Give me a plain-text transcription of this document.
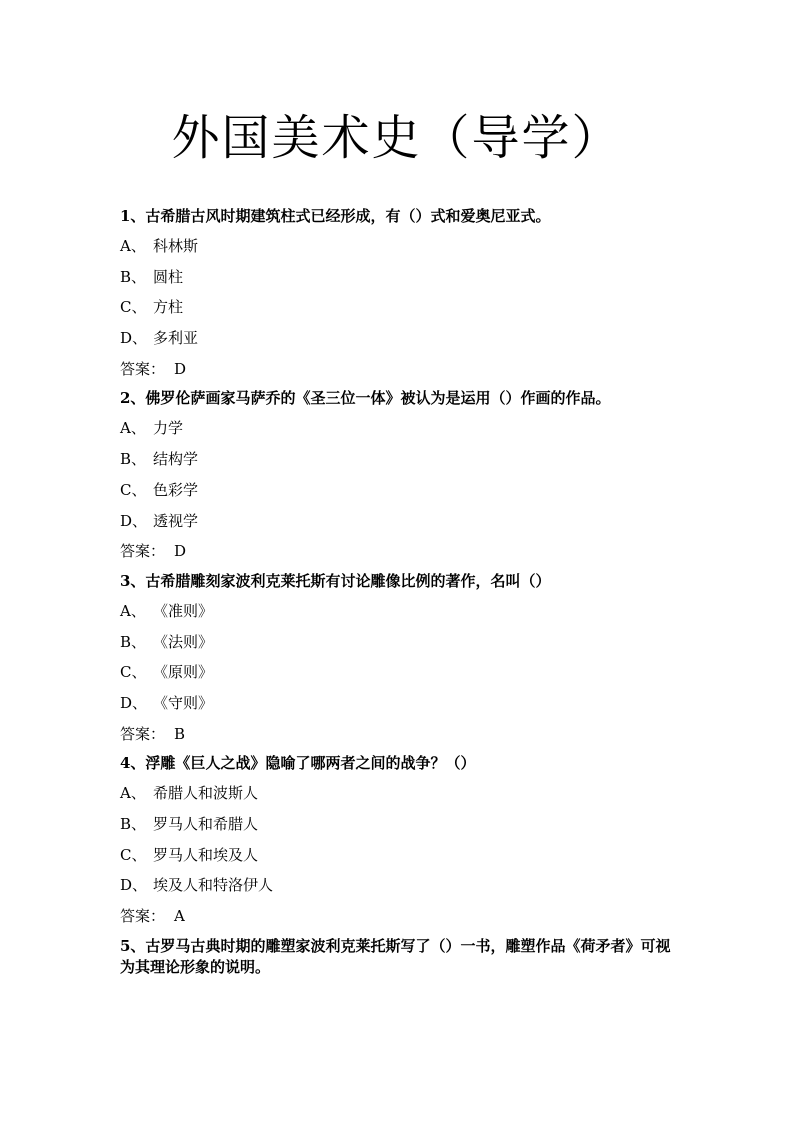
外国美术史（导学）

1、古希腊古风时期建筑柱式已经形成，有（）式和爱奥尼亚式。

A、 科林斯
B、 圆柱
C、 方柱
D、 多利亚
答案： D

2、佛罗伦萨画家马萨乔的《圣三位一体》被认为是运用（）作画的作品。

A、 力学
B、 结构学
C、 色彩学
D、 透视学
答案： D

3、古希腊雕刻家波利克莱托斯有讨论雕像比例的著作，名叫（）

A、 《准则》
B、 《法则》
C、 《原则》
D、 《守则》
答案： B

4、浮雕《巨人之战》隐喻了哪两者之间的战争？（）

A、 希腊人和波斯人
B、 罗马人和希腊人
C、 罗马人和埃及人
D、 埃及人和特洛伊人
答案： A

5、古罗马古典时期的雕塑家波利克莱托斯写了（）一书，雕塑作品《荷矛者》可视为其理论形象的说明。
